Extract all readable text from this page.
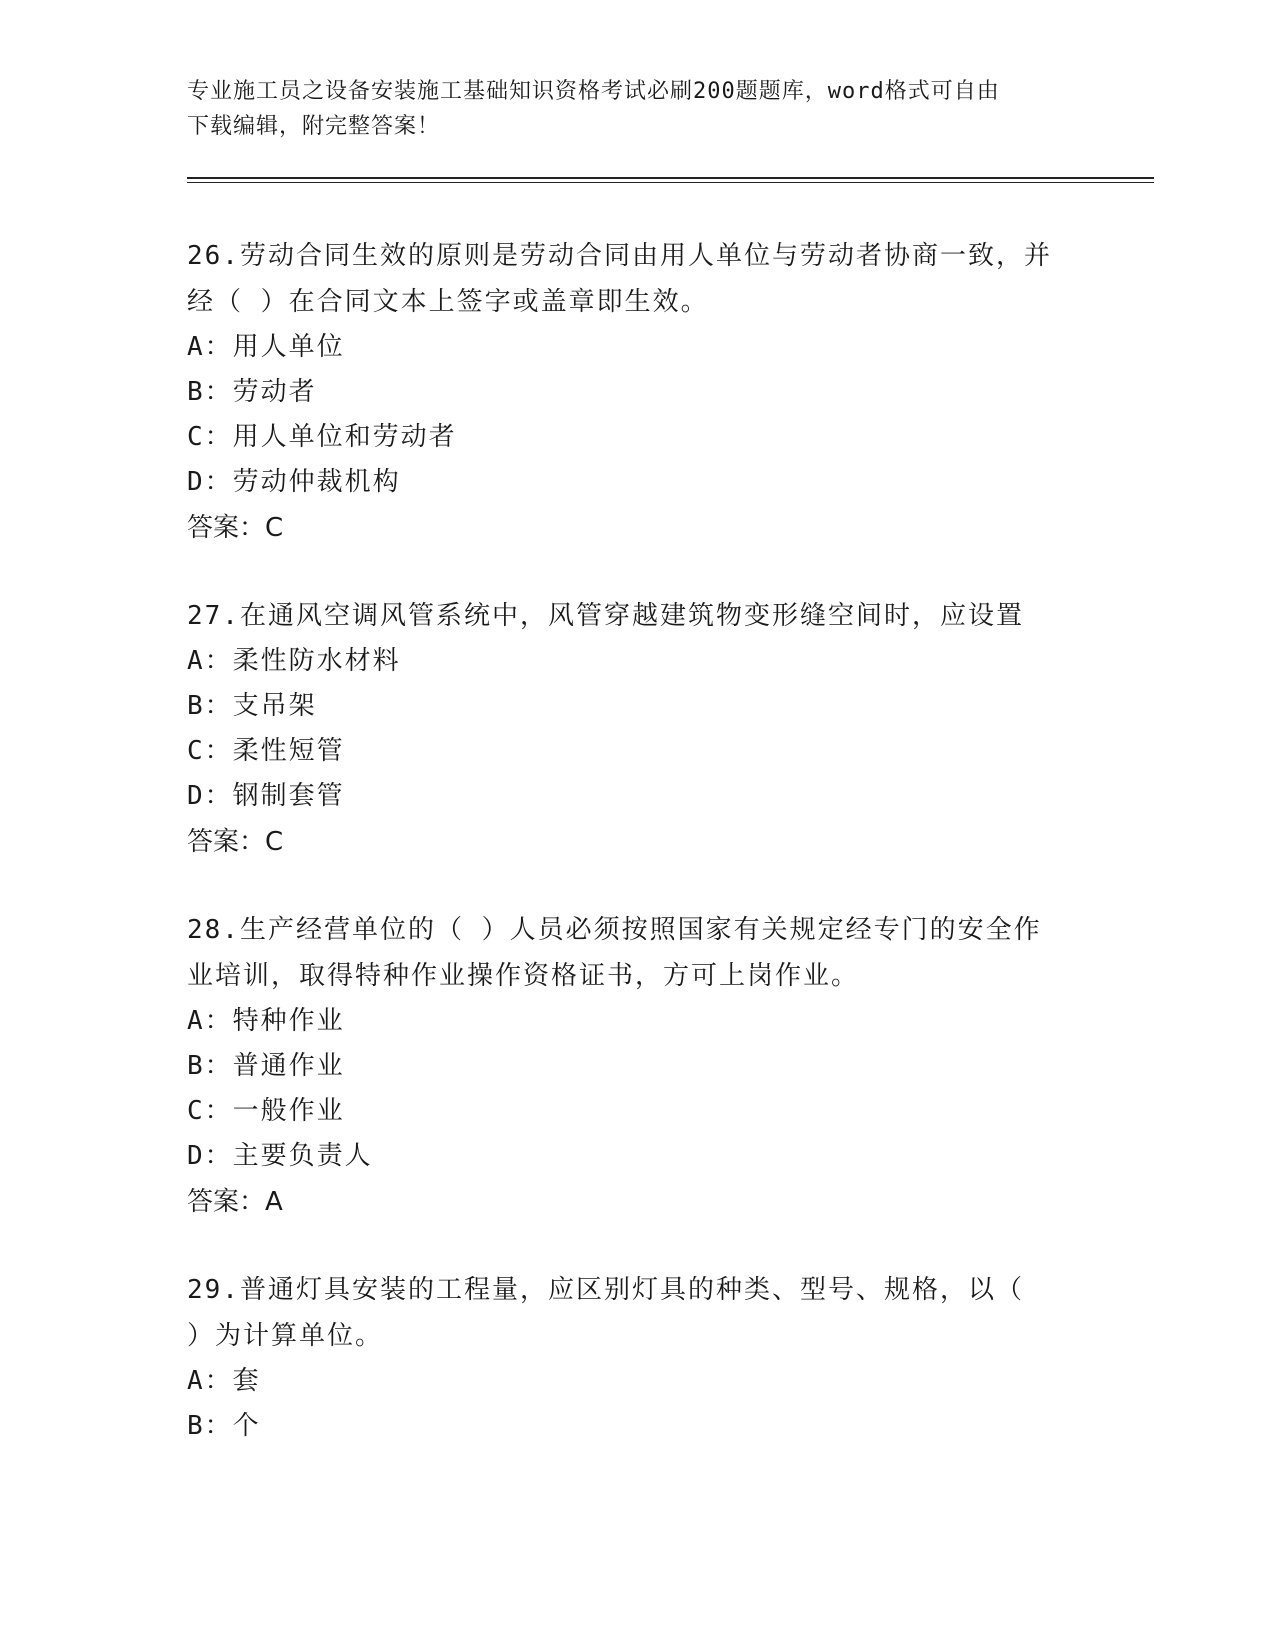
专业施工员之设备安装施工基础知识资格考试必刷200题题库，word格式可自由
下载编辑，附完整答案！

26.劳动合同生效的原则是劳动合同由用人单位与劳动者协商一致，并

经（ ）在合同文本上签字或盖章即生效。

A：用人单位

B：劳动者

C：用人单位和劳动者

D：劳动仲裁机构

答案：C

27.在通风空调风管系统中，风管穿越建筑物变形缝空间时，应设置

A：柔性防水材料

B：支吊架

C：柔性短管

D：钢制套管

答案：C

28.生产经营单位的（ ）人员必须按照国家有关规定经专门的安全作

业培训，取得特种作业操作资格证书，方可上岗作业。

A：特种作业

B：普通作业

C：一般作业

D：主要负责人

答案：A

29.普通灯具安装的工程量，应区别灯具的种类、型号、规格，以（

）为计算单位。

A：套

B：个
